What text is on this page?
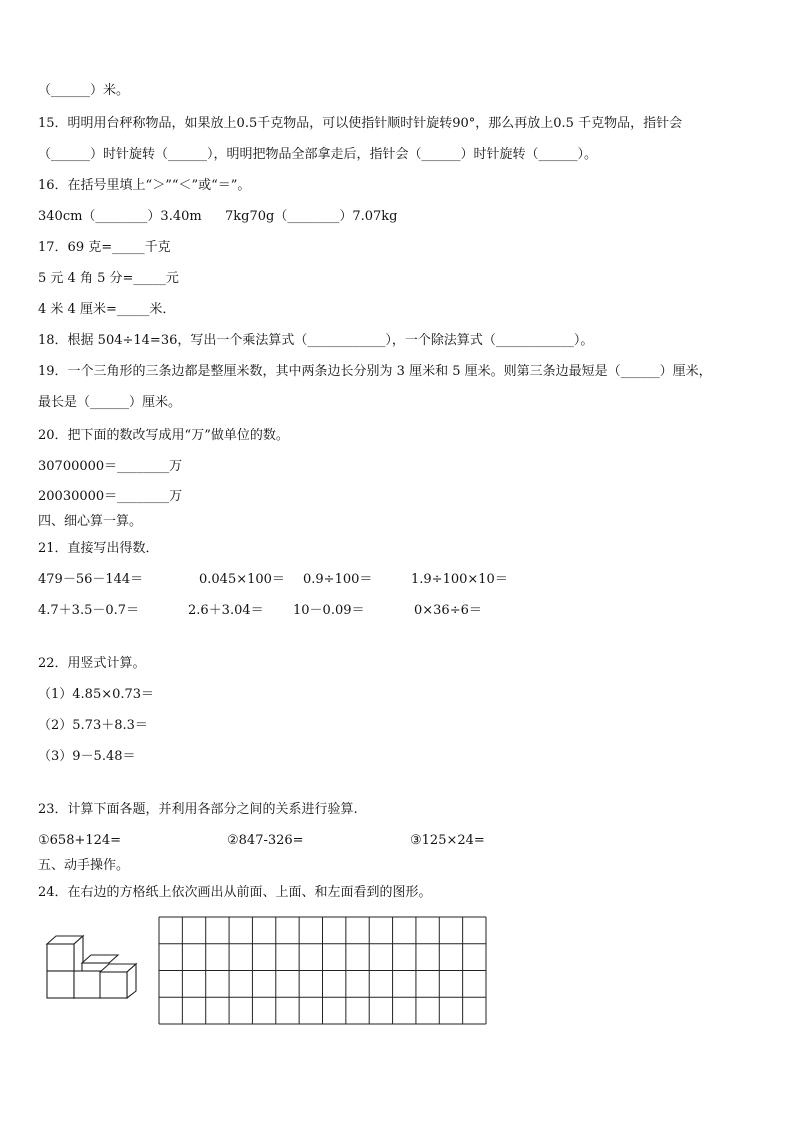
（______）米。
15．明明用台秤称物品，如果放上0.5千克物品，可以使指针顺时针旋转90°，那么再放上0.5 千克物品，指针会
（______）时针旋转（______），明明把物品全部拿走后，指针会（______）时针旋转（______）。
16．在括号里填上“＞”“＜”或“＝”。
340cm（________）3.40m 7kg70g（________）7.07kg
17．69 克=_____千克
5 元 4 角 5 分=_____元
4 米 4 厘米=_____米．
18．根据 504÷14=36，写出一个乘法算式（____________），一个除法算式（____________）。
19．一个三角形的三条边都是整厘米数，其中两条边长分别为 3 厘米和 5 厘米。则第三条边最短是（______）厘米，
最长是（______）厘米。
20．把下面的数改写成用“万”做单位的数。
30700000＝________万
20030000＝________万
四、细心算一算。
21．直接写出得数．
479－56－144＝	0.045×100＝ 0.9÷100＝	1.9÷100×10＝
4.7＋3.5－0.7＝	2.6＋3.04＝ 10－0.09＝	0×36÷6＝
22．用竖式计算。
（1）4.85×0.73＝
（2）5.73＋8.3＝
（3）9－5.48＝
23．计算下面各题，并利用各部分之间的关系进行验算.
①658+124=	②847-326=	③125×24=
五、动手操作。
24．在右边的方格纸上依次画出从前面、上面、和左面看到的图形。
